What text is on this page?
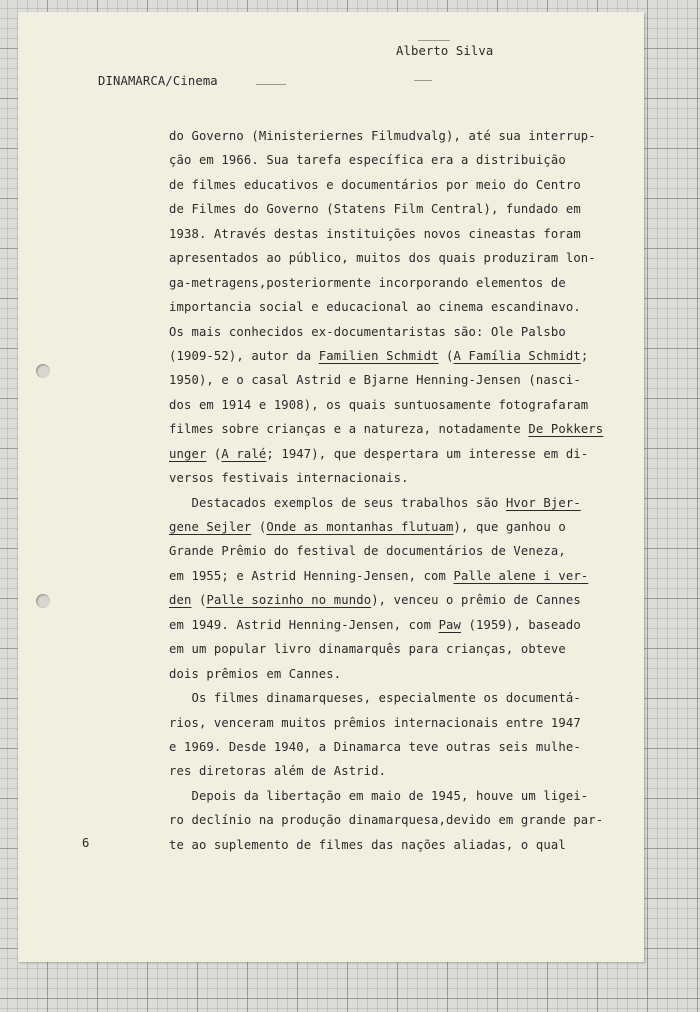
Alberto Silva
DINAMARCA/Cinema
do Governo (Ministeriernes Filmudvalg), até sua interrup-
ção em 1966. Sua tarefa específica era a distribuição
de filmes educativos e documentários por meio do Centro
de Filmes do Governo (Statens Film Central), fundado em
1938. Através destas instituições novos cineastas foram
apresentados ao público, muitos dos quais produziram lon-
ga-metragens,posteriormente incorporando elementos de
importancia social e educacional ao cinema escandinavo.
Os mais conhecidos ex-documentaristas são: Ole Palsbo
(1909-52), autor da Familien Schmidt (A Família Schmidt;
1950), e o casal Astrid e Bjarne Henning-Jensen (nasci-
dos em 1914 e 1908), os quais suntuosamente fotografaram
filmes sobre crianças e a natureza, notadamente De Pokkers
unger (A ralé; 1947), que despertara um interesse em di-
versos festivais internacionais.
Destacados exemplos de seus trabalhos são Hvor Bjer-
gene Sejler (Onde as montanhas flutuam), que ganhou o
Grande Prêmio do festival de documentários de Veneza,
em 1955; e Astrid Henning-Jensen, com Palle alene i ver-
den (Palle sozinho no mundo), venceu o prêmio de Cannes
em 1949. Astrid Henning-Jensen, com Paw (1959), baseado
em um popular livro dinamarquês para crianças, obteve
dois prêmios em Cannes.
Os filmes dinamarqueses, especialmente os documentá-
rios, venceram muitos prêmios internacionais entre 1947
e 1969. Desde 1940, a Dinamarca teve outras seis mulhe-
res diretoras além de Astrid.
Depois da libertação em maio de 1945, houve um ligei-
ro declínio na produção dinamarquesa,devido em grande par-
te ao suplemento de filmes das nações aliadas, o qual
6
